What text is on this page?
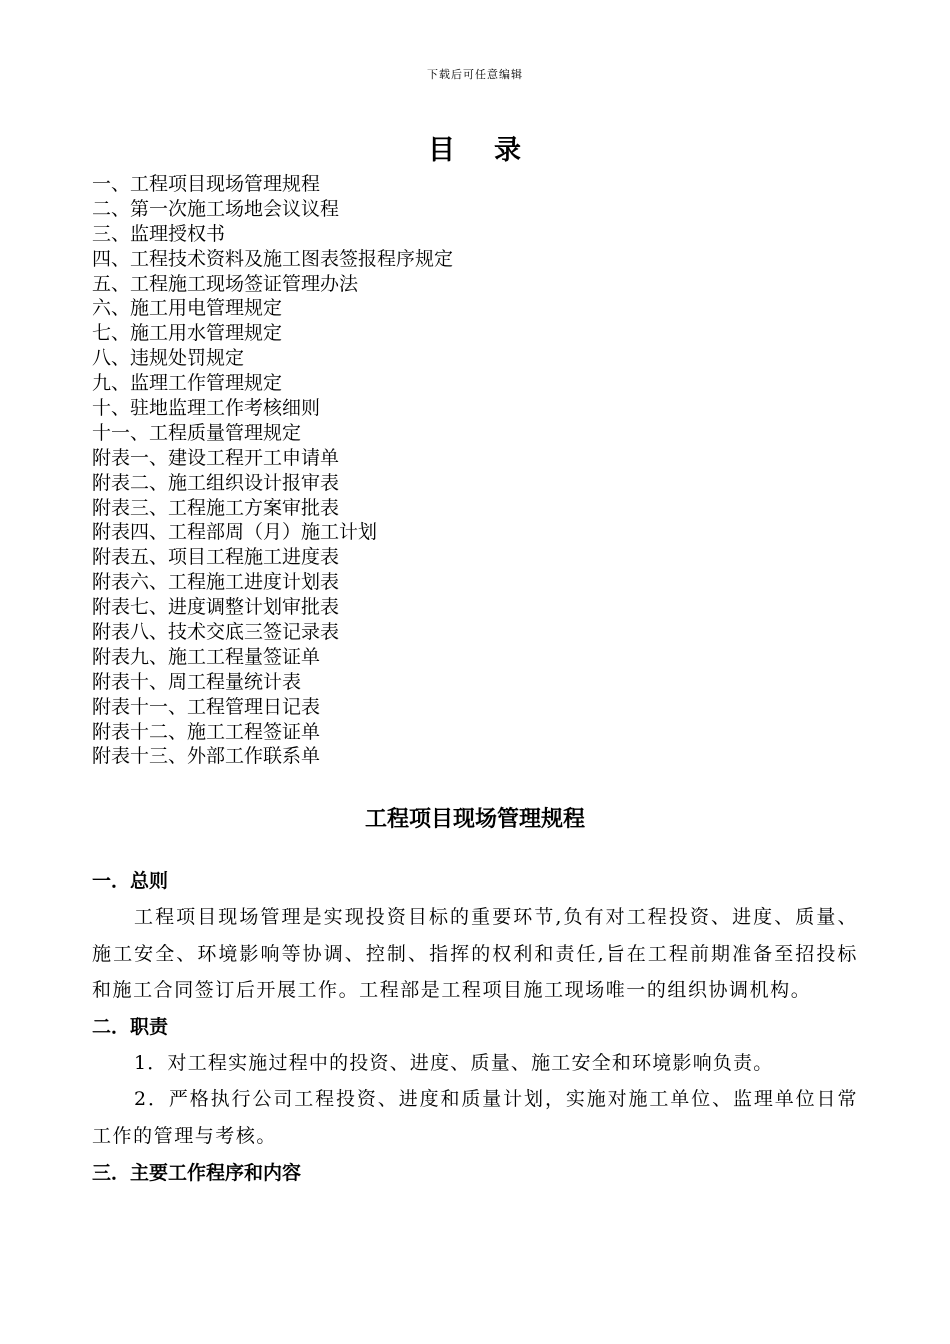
下载后可任意编辑
目 录
一、工程项目现场管理规程
二、第一次施工场地会议议程
三、监理授权书
四、工程技术资料及施工图表签报程序规定
五、工程施工现场签证管理办法
六、施工用电管理规定
七、施工用水管理规定
八、违规处罚规定
九、监理工作管理规定
十、驻地监理工作考核细则
十一、工程质量管理规定
附表一、建设工程开工申请单
附表二、施工组织设计报审表
附表三、工程施工方案审批表
附表四、工程部周（月）施工计划
附表五、项目工程施工进度表
附表六、工程施工进度计划表
附表七、进度调整计划审批表
附表八、技术交底三签记录表
附表九、施工工程量签证单
附表十、周工程量统计表
附表十一、工程管理日记表
附表十二、施工工程签证单
附表十三、外部工作联系单
工程项目现场管理规程
一．总则

工程项目现场管理是实现投资目标的重要环节,负有对工程投资、进度、质量、施工安全、环境影响等协调、控制、指挥的权利和责任,旨在工程前期准备至招投标和施工合同签订后开展工作。工程部是工程项目施工现场唯一的组织协调机构。

二．职责

1．对工程实施过程中的投资、进度、质量、施工安全和环境影响负责。

2．严格执行公司工程投资、进度和质量计划，实施对施工单位、监理单位日常工作的管理与考核。

三．主要工作程序和内容
